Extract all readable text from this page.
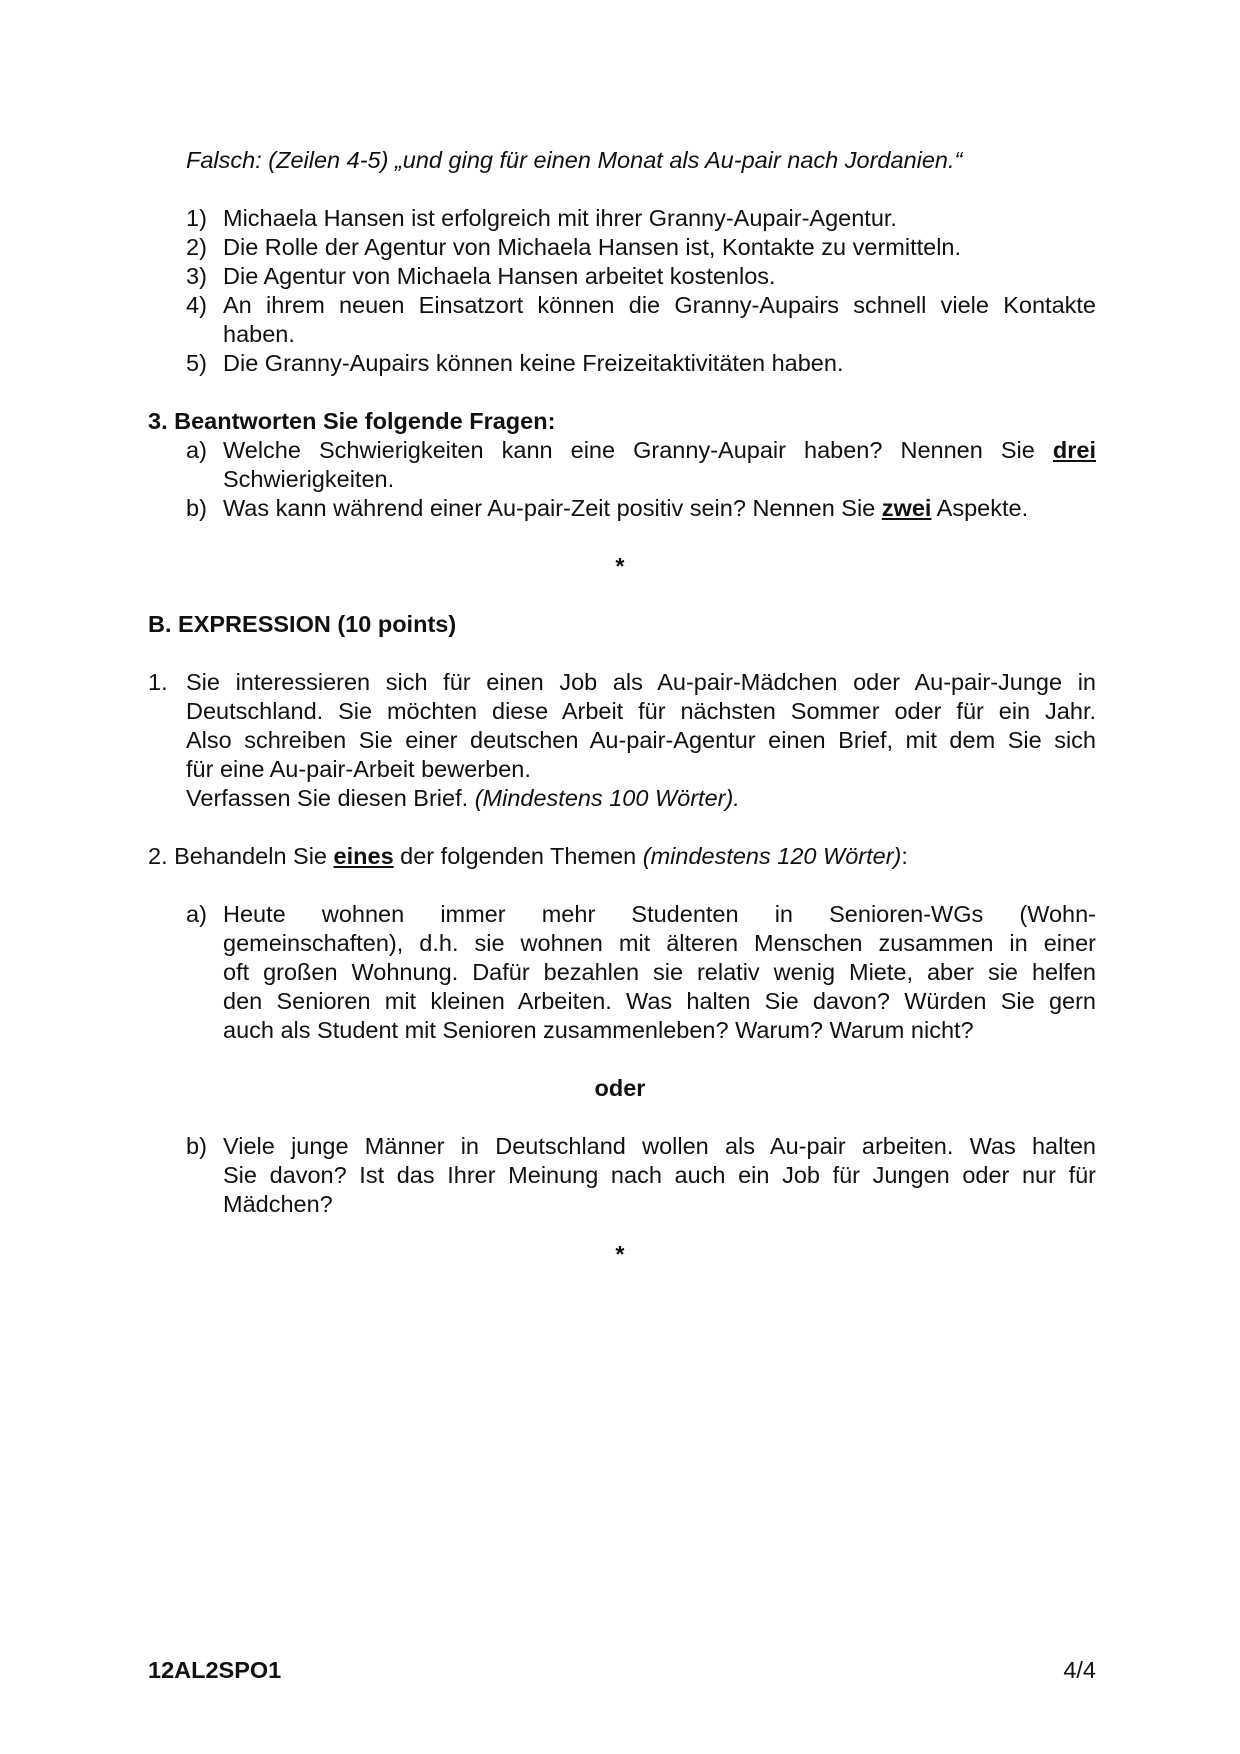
Falsch: (Zeilen 4-5) „und ging für einen Monat als Au-pair nach Jordanien.“
1) Michaela Hansen ist erfolgreich mit ihrer Granny-Aupair-Agentur.
2) Die Rolle der Agentur von Michaela Hansen ist, Kontakte zu vermitteln.
3) Die Agentur von Michaela Hansen arbeitet kostenlos.
4) An ihrem neuen Einsatzort können die Granny-Aupairs schnell viele Kontakte
haben.
5) Die Granny-Aupairs können keine Freizeitaktivitäten haben.
3. Beantworten Sie folgende Fragen:
a) Welche Schwierigkeiten kann eine Granny-Aupair haben? Nennen Sie drei
Schwierigkeiten.
b) Was kann während einer Au-pair-Zeit positiv sein? Nennen Sie zwei Aspekte.
*
B. EXPRESSION (10 points)
1. Sie interessieren sich für einen Job als Au-pair-Mädchen oder Au-pair-Junge in
Deutschland. Sie möchten diese Arbeit für nächsten Sommer oder für ein Jahr.
Also schreiben Sie einer deutschen Au-pair-Agentur einen Brief, mit dem Sie sich
für eine Au-pair-Arbeit bewerben.
Verfassen Sie diesen Brief. (Mindestens 100 Wörter).
2. Behandeln Sie eines der folgenden Themen (mindestens 120 Wörter):
a) Heute wohnen immer mehr Studenten in Senioren-WGs (Wohn-
gemeinschaften), d.h. sie wohnen mit älteren Menschen zusammen in einer
oft großen Wohnung. Dafür bezahlen sie relativ wenig Miete, aber sie helfen
den Senioren mit kleinen Arbeiten. Was halten Sie davon? Würden Sie gern
auch als Student mit Senioren zusammenleben? Warum? Warum nicht?
oder
b) Viele junge Männer in Deutschland wollen als Au-pair arbeiten. Was halten
Sie davon? Ist das Ihrer Meinung nach auch ein Job für Jungen oder nur für
Mädchen?
*
12AL2SPO1	4/4
